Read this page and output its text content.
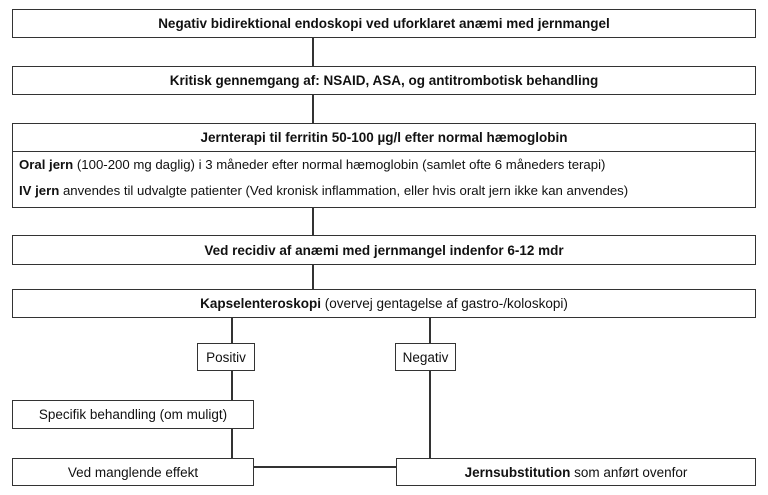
Negativ bidirektional endoskopi ved uforklaret anæmi med jernmangel
Kritisk gennemgang af: NSAID, ASA, og antitrombotisk behandling
Jernterapi til ferritin 50-100 µg/l efter normal hæmoglobin
Oral jern (100-200 mg daglig) i 3 måneder efter normal hæmoglobin (samlet ofte 6 måneders terapi)
IV jern anvendes til udvalgte patienter (Ved kronisk inflammation, eller hvis oralt jern ikke kan anvendes)
Ved recidiv af anæmi med jernmangel indenfor 6-12 mdr
Kapselenteroskopi (overvej gentagelse af gastro-/koloskopi)
Positiv	Negativ
Specifik behandling (om muligt)
Ved manglende effekt	Jernsubstitution som anført ovenfor
